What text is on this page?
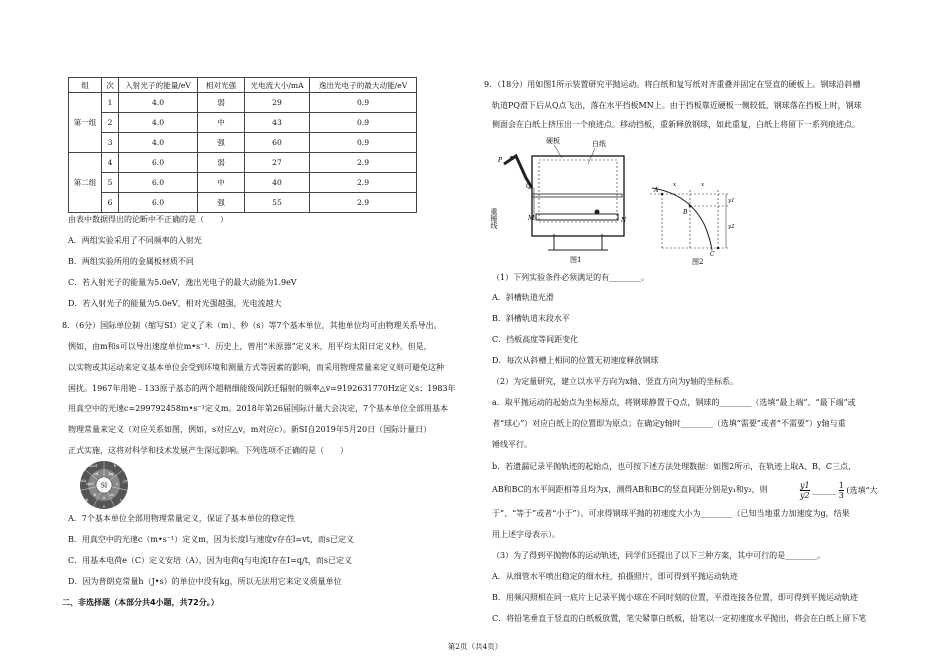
组	次	入射光子的能量/eV	相对光强	光电流大小/mA	逸出光电子的最大动能/eV
第一组	1	4.0	弱	29	0.9
	2	4.0	中	43	0.9
	3	4.0	强	60	0.9
第二组	4	6.0	弱	27	2.9
	5	6.0	中	40	2.9
	6	6.0	强	55	2.9
由表中数据得出的论断中不正确的是（　　）
A．两组实验采用了不同频率的入射光
B．两组实验所用的金属板材质不同
C．若入射光子的能量为5.0eV，逸出光电子的最大动能为1.9eV
D．若入射光子的能量为5.0eV，相对光强越强，光电流越大
8．（6分）国际单位制（缩写SI）定义了米（m）、秒（s）等7个基本单位，其他单位均可由物理关系导出。
例如，由m和s可以导出速度单位m•s⁻¹．历史上，曾用“米原器”定义米，用平均太阳日定义秒。但是，
以实物或其运动来定义基本单位会受到环境和测量方式等因素的影响，而采用物理常量来定义则可避免这种
困扰。1967年用铯﹣133原子基态的两个超精细能级间跃迁辐射的频率△v=9192631770Hz定义s；1983年
用真空中的光速c=299792458m•s⁻¹定义m。2018年第26届国际计量大会决定，7个基本单位全部用基本
物理常量来定义（对应关系如图，例如，s对应△v，m对应c）。新SI自2019年5月20日（国际计量日）
正式实施，这将对科学和技术发展产生深远影响。下列选项不正确的是（　　）
SI
kg
s
m
A
K
mol
cd
h
△v
c
e
k
NA
Kcd
A．7个基本单位全部用物理常量定义，保证了基本单位的稳定性
B．用真空中的光速c（m•s⁻¹）定义m，因为长度l与速度v存在l=vt，而s已定义
C．用基本电荷e（C）定义安培（A），因为电荷q与电流I存在I=q/t，而s已定义
D．因为普朗克常量h（J•s）的单位中没有kg，所以无法用它来定义质量单位
二、非选择题（本部分共4小题，共72分。）
9．（18分）用如图1所示装置研究平抛运动。将白纸和复写纸对齐重叠并固定在竖直的硬板上。钢球沿斜槽
轨道PQ滑下后从Q点飞出，落在水平挡板MN上。由于挡板靠近硬板一侧较低，钢球落在挡板上时，钢球
侧面会在白纸上挤压出一个痕迹点。移动挡板，重新释放钢球，如此重复，白纸上将留下一系列痕迹点。
硬板	白纸
P
Q
M	N
重锤线
图1
A
B
C
x	x
y1
y2
图2
（1）下列实验条件必须满足的有________。
A．斜槽轨道光滑
B．斜槽轨道末段水平
C．挡板高度等间距变化
D．每次从斜槽上相同的位置无初速度释放钢球
（2）为定量研究，建立以水平方向为x轴、竖直方向为y轴的坐标系。
a．取平抛运动的起始点为坐标原点，将钢球静置于Q点，钢球的________（选填“最上端”、“最下端”或
者“球心”）对应白纸上的位置即为原点；在确定y轴时________（选填“需要”或者“不需要”）y轴与重
锤线平行。
b．若遗漏记录平抛轨迹的起始点，也可按下述方法处理数据：如图2所示，在轨迹上取A、B、C三点，
AB和BC的水平间距相等且均为x，测得AB和BC的竖直间距分别是y₁和y₂，则	$\frac{y1}{y2}$ ______ $\frac{1}{3}$ (选填“大
于”、“等于”或者“小于”）。可求得钢球平抛的初速度大小为________（已知当地重力加速度为g，结果
用上述字母表示）。
（3）为了得到平抛物体的运动轨迹，同学们还提出了以下三种方案，其中可行的是________。
A．从细管水平喷出稳定的细水柱，拍摄照片，即可得到平抛运动轨迹
B．用频闪照相在同一底片上记录平抛小球在不同时刻的位置，平滑连接各位置，即可得到平抛运动轨迹
C．将铅笔垂直于竖直的白纸板放置，笔尖紧靠白纸板，铅笔以一定初速度水平抛出，将会在白纸上留下笔
第2页（共4页）
